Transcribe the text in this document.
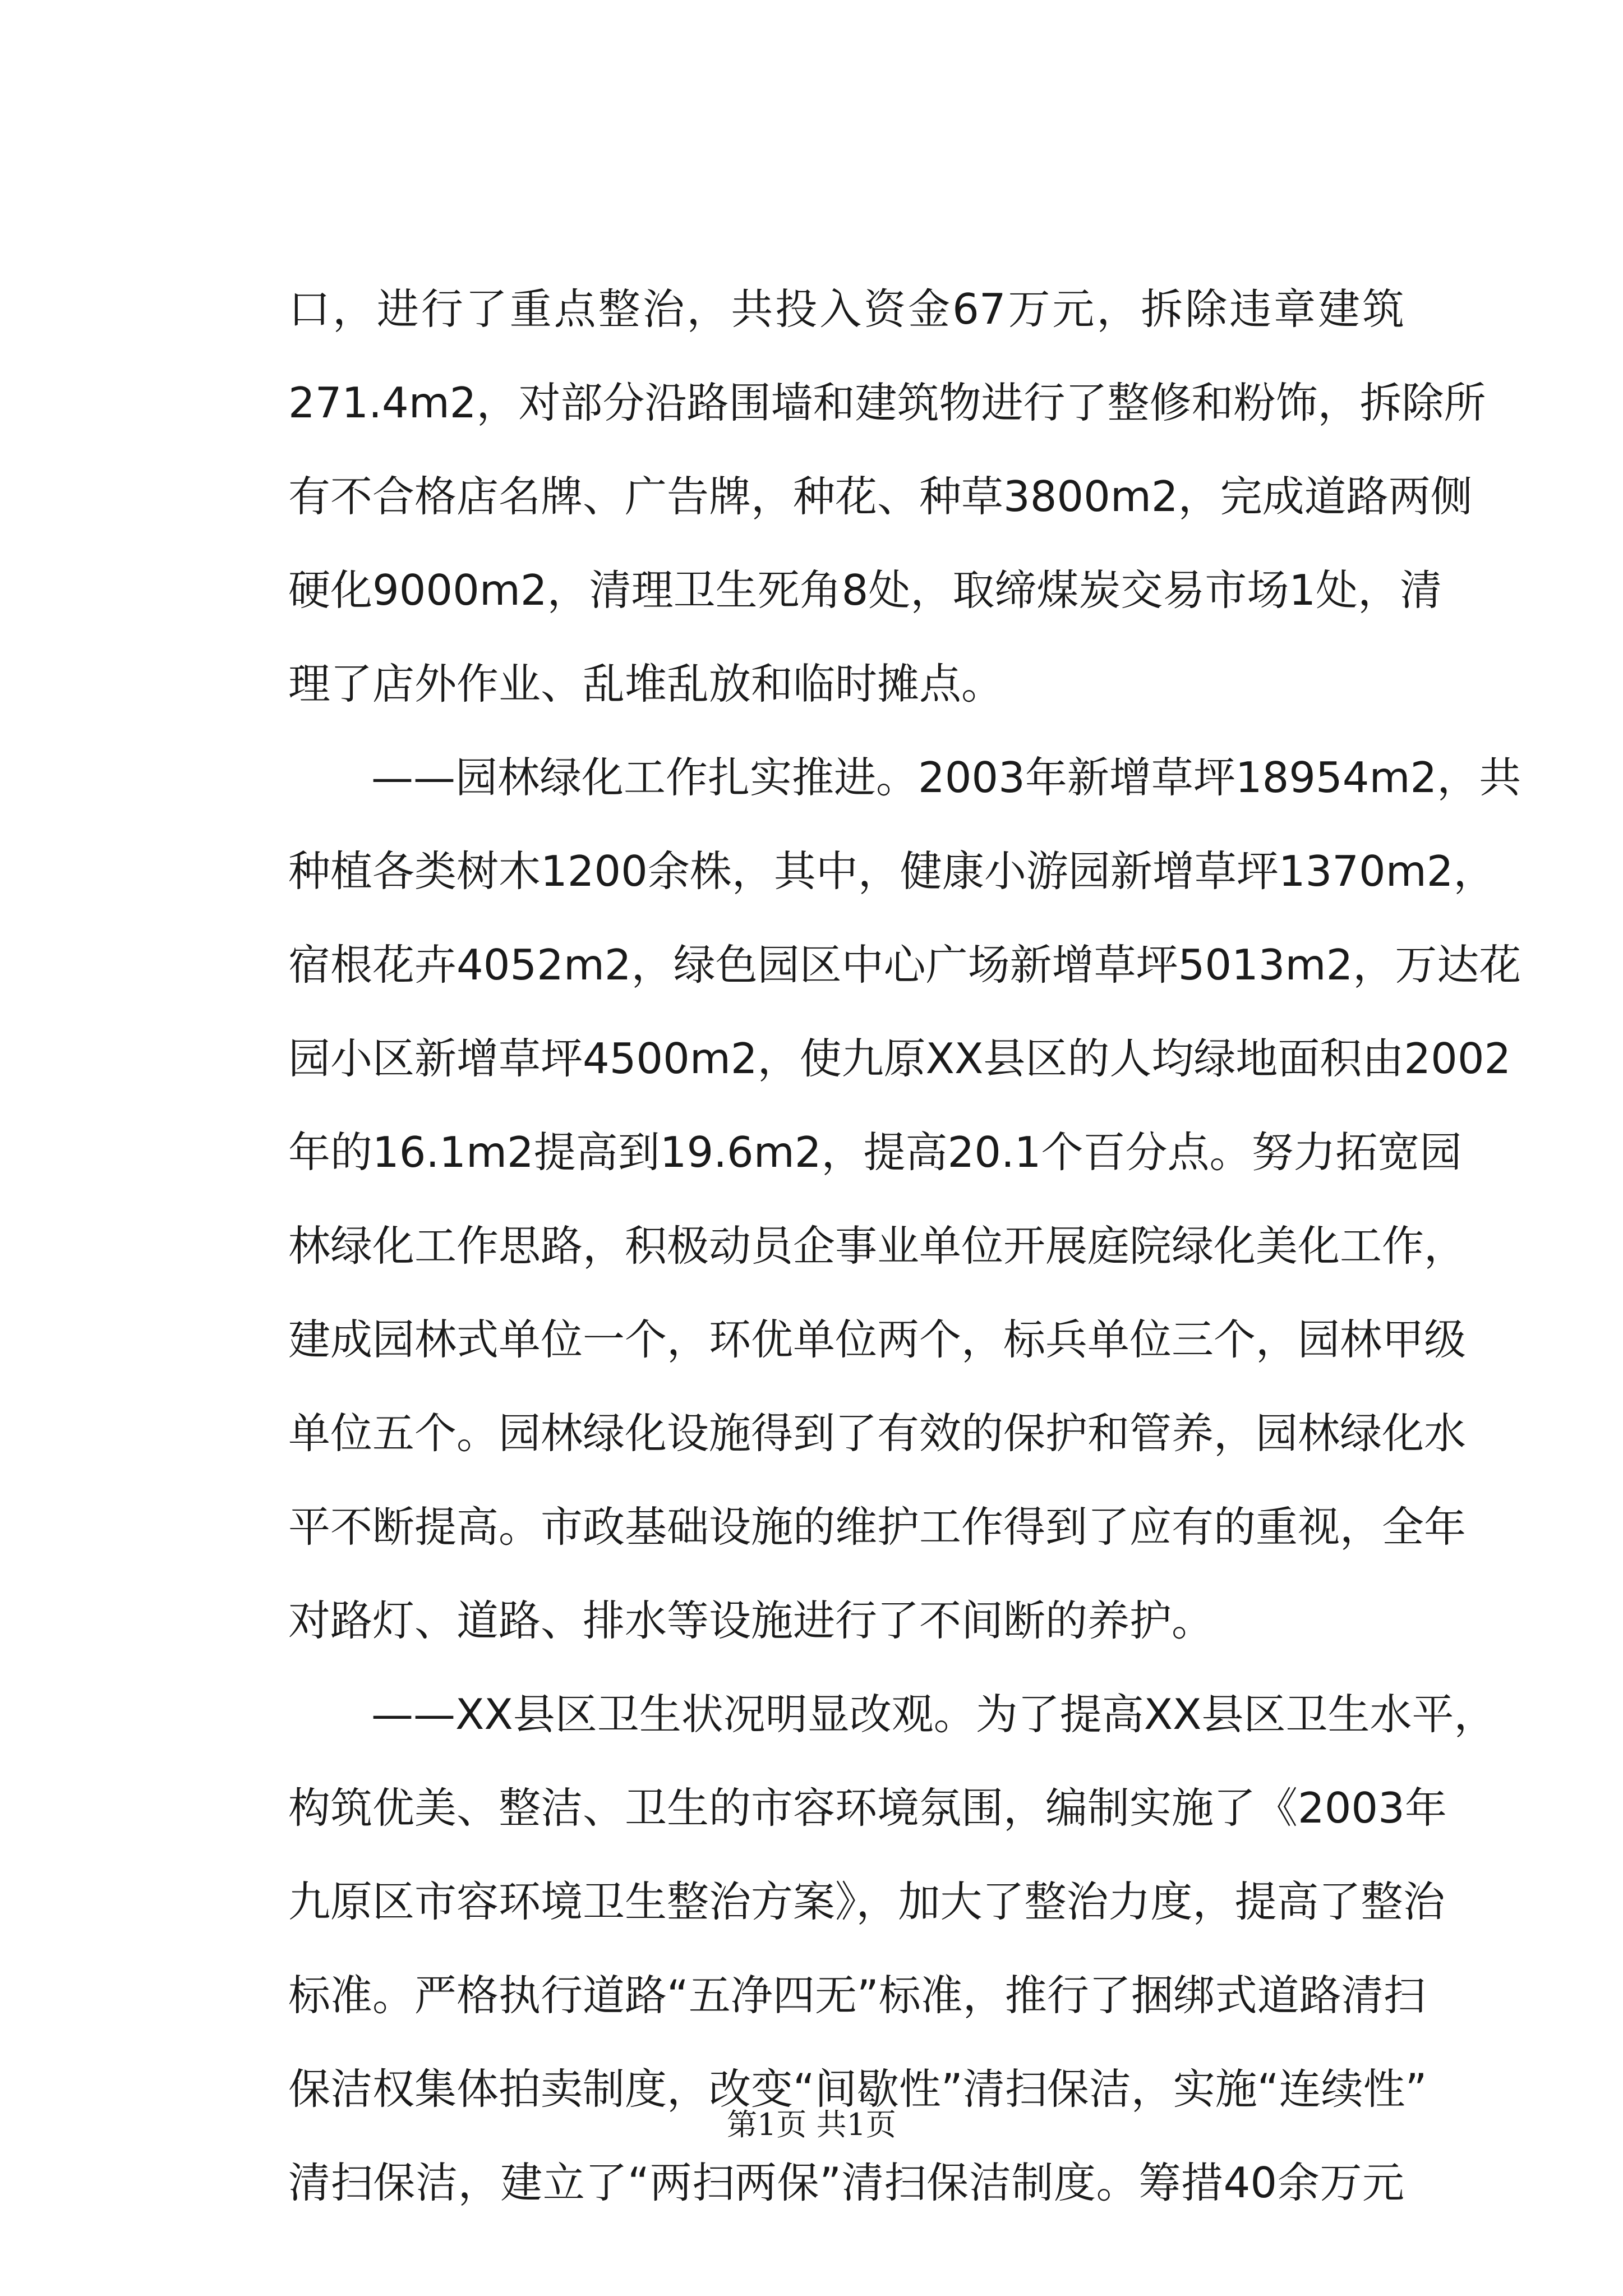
口，进行了重点整治，共投入资金67万元，拆除违章建筑
271.4m2，对部分沿路围墙和建筑物进行了整修和粉饰，拆除所
有不合格店名牌、广告牌，种花、种草3800m2，完成道路两侧
硬化9000m2，清理卫生死角8处，取缔煤炭交易市场1处，清
理了店外作业、乱堆乱放和临时摊点。
——园林绿化工作扎实推进。2003年新增草坪18954m2，共
种植各类树木1200余株，其中，健康小游园新增草坪1370m2，
宿根花卉4052m2，绿色园区中心广场新增草坪5013m2，万达花
园小区新增草坪4500m2，使九原XX县区的人均绿地面积由2002
年的16.1m2提高到19.6m2，提高20.1个百分点。努力拓宽园
林绿化工作思路，积极动员企事业单位开展庭院绿化美化工作，
建成园林式单位一个，环优单位两个，标兵单位三个，园林甲级
单位五个。园林绿化设施得到了有效的保护和管养，园林绿化水
平不断提高。市政基础设施的维护工作得到了应有的重视，全年
对路灯、道路、排水等设施进行了不间断的养护。
——XX县区卫生状况明显改观。为了提高XX县区卫生水平，
构筑优美、整洁、卫生的市容环境氛围，编制实施了《2003年
九原区市容环境卫生整治方案》，加大了整治力度，提高了整治
标准。严格执行道路“五净四无”标准，推行了捆绑式道路清扫
保洁权集体拍卖制度，改变“间歇性”清扫保洁，实施“连续性”
清扫保洁，建立了“两扫两保”清扫保洁制度。筹措40余万元
第1页 共1页
